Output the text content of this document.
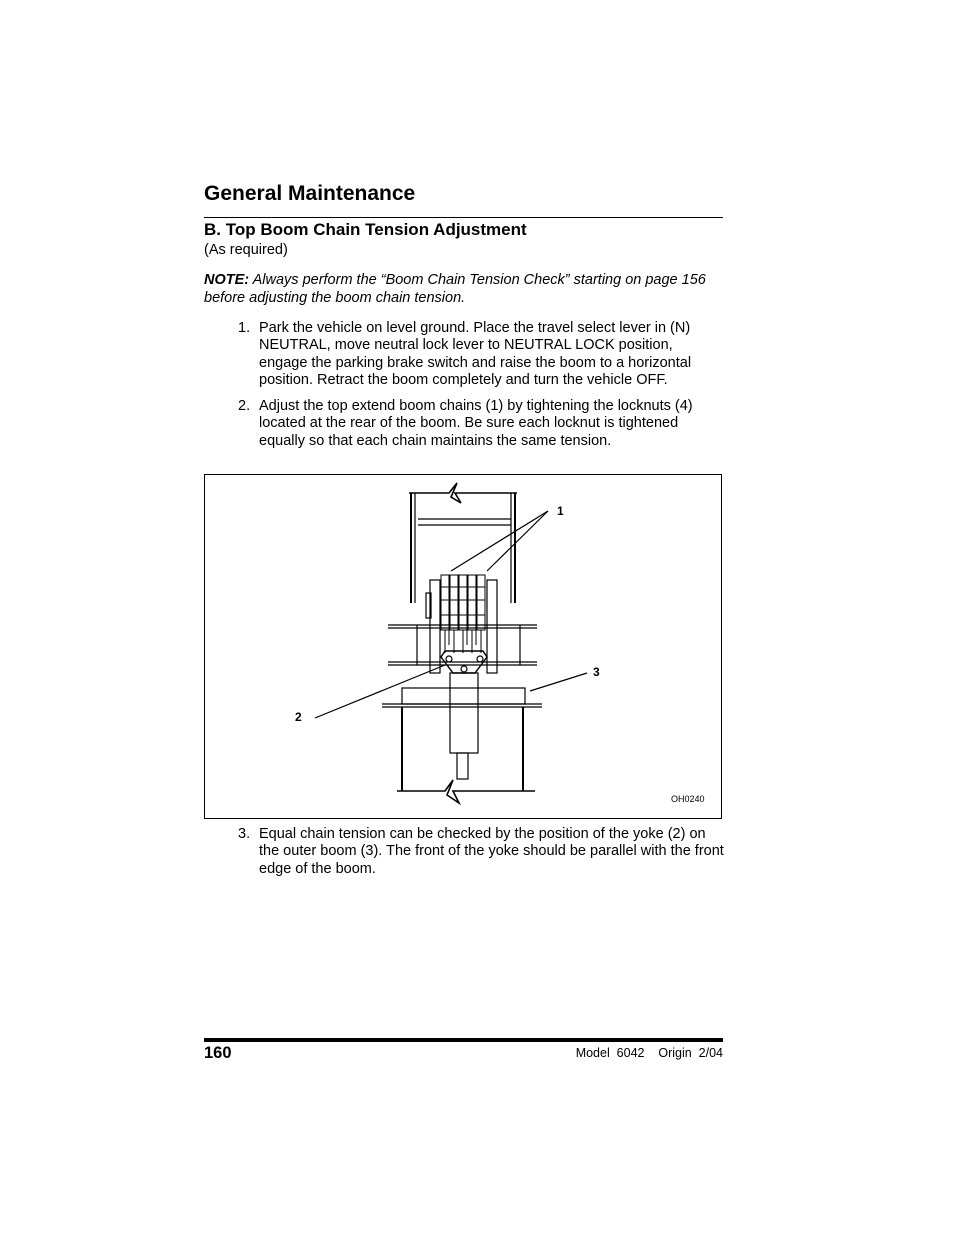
General Maintenance
B. Top Boom Chain Tension Adjustment
(As required)
NOTE: Always perform the “Boom Chain Tension Check” starting on page 156 before adjusting the boom chain tension.
1. Park the vehicle on level ground. Place the travel select lever in (N) NEUTRAL, move neutral lock lever to NEUTRAL LOCK position, engage the parking brake switch and raise the boom to a horizontal position. Retract the boom completely and turn the vehicle OFF.
2. Adjust the top extend boom chains (1) by tightening the locknuts (4) located at the rear of the boom. Be sure each locknut is tightened equally so that each chain maintains the same tension.
1
2
3
OH0240
3. Equal chain tension can be checked by the position of the yoke (2) on the outer boom (3). The front of the yoke should be parallel with the front edge of the boom.
160	Model  6042    Origin  2/04
